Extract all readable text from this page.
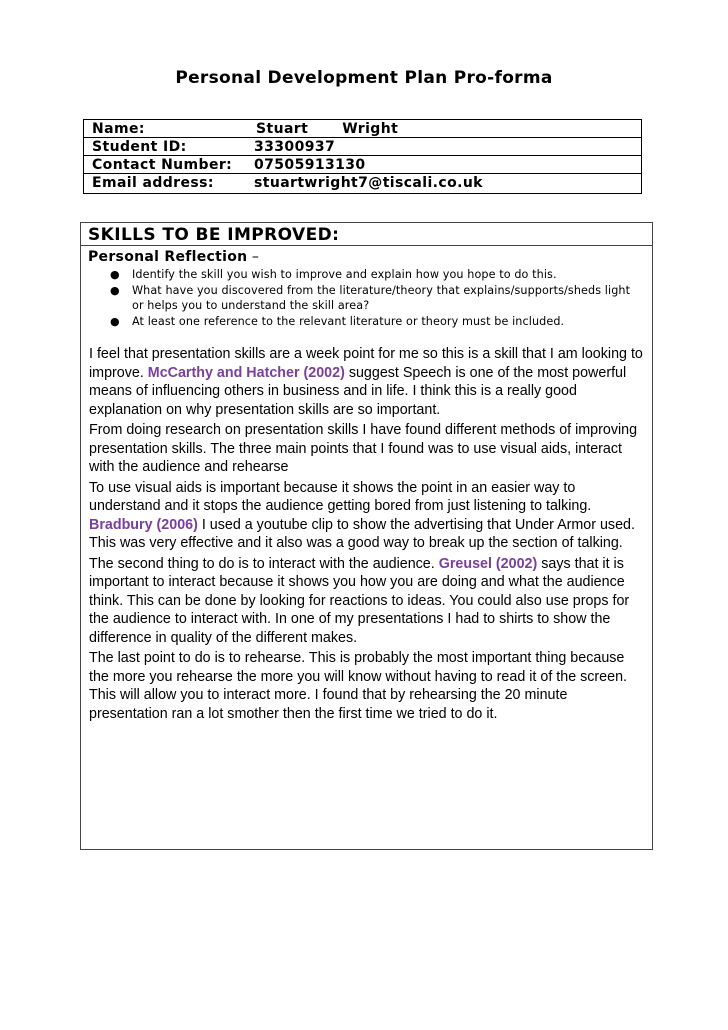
Personal Development Plan Pro-forma
Name:	Stuart Wright
Student ID:	33300937
Contact Number: 07505913130
Email address:	stuartwright7@tiscali.co.uk
SKILLS TO BE IMPROVED:
Personal Reflection –
● Identify the skill you wish to improve and explain how you hope to do this.
● What have you discovered from the literature/theory that explains/supports/sheds light or helps you to understand the skill area?
● At least one reference to the relevant literature or theory must be included.

I feel that presentation skills are a week point for me so this is a skill that I am looking to improve. McCarthy and Hatcher (2002) suggest Speech is one of the most powerful means of influencing others in business and in life. I think this is a really good explanation on why presentation skills are so important.

From doing research on presentation skills I have found different methods of improving presentation skills. The three main points that I found was to use visual aids, interact with the audience and rehearse

To use visual aids is important because it shows the point in an easier way to understand and it stops the audience getting bored from just listening to talking. Bradbury (2006) I used a youtube clip to show the advertising that Under Armor used. This was very effective and it also was a good way to break up the section of talking.

The second thing to do is to interact with the audience. Greusel (2002) says that it is important to interact because it shows you how you are doing and what the audience think. This can be done by looking for reactions to ideas. You could also use props for the audience to interact with. In one of my presentations I had to shirts to show the difference in quality of the different makes.

The last point to do is to rehearse. This is probably the most important thing because the more you rehearse the more you will know without having to read it of the screen. This will allow you to interact more. I found that by rehearsing the 20 minute presentation ran a lot smother then the first time we tried to do it.
